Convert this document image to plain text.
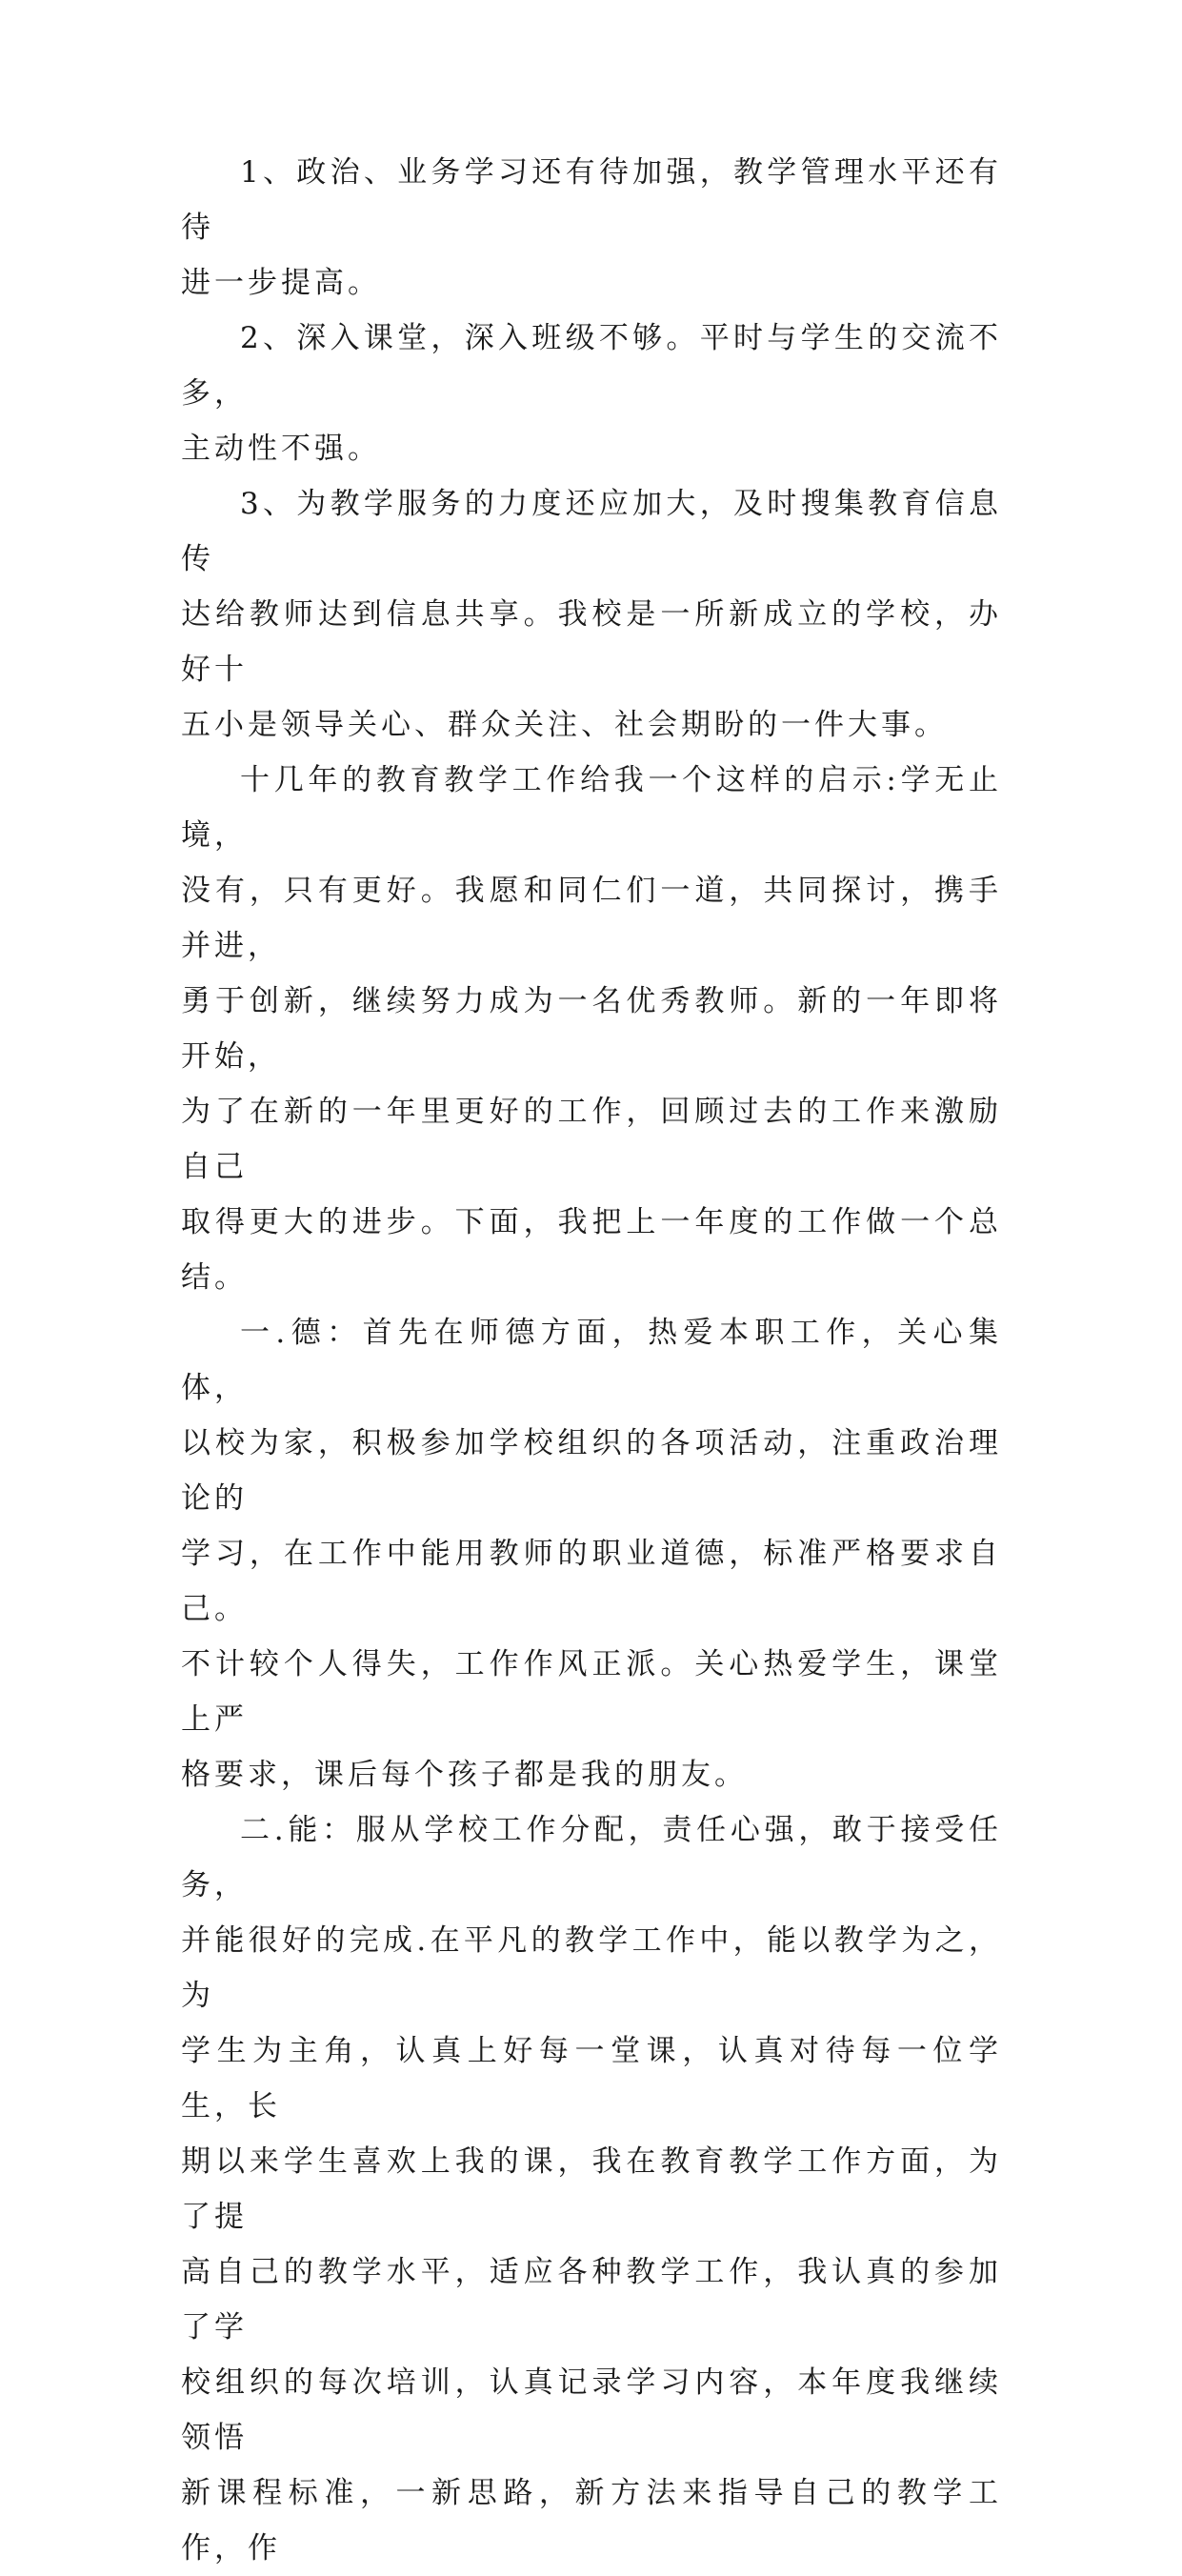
1、政治、业务学习还有待加强，教学管理水平还有待
进一步提高。

2、深入课堂，深入班级不够。平时与学生的交流不多，
主动性不强。

3、为教学服务的力度还应加大，及时搜集教育信息传
达给教师达到信息共享。我校是一所新成立的学校，办好十
五小是领导关心、群众关注、社会期盼的一件大事。

十几年的教育教学工作给我一个这样的启示:学无止境，
没有，只有更好。我愿和同仁们一道，共同探讨，携手并进，
勇于创新，继续努力成为一名优秀教师。新的一年即将开始，
为了在新的一年里更好的工作，回顾过去的工作来激励自己
取得更大的进步。下面，我把上一年度的工作做一个总结。

一.德：首先在师德方面，热爱本职工作，关心集体，
以校为家，积极参加学校组织的各项活动，注重政治理论的
学习，在工作中能用教师的职业道德，标准严格要求自己。
不计较个人得失，工作作风正派。关心热爱学生，课堂上严
格要求，课后每个孩子都是我的朋友。

二.能：服从学校工作分配，责任心强，敢于接受任务，
并能很好的完成.在平凡的教学工作中，能以教学为之，为
学生为主角，认真上好每一堂课，认真对待每一位学生，长
期以来学生喜欢上我的课，我在教育教学工作方面，为了提
高自己的教学水平，适应各种教学工作，我认真的参加了学
校组织的每次培训，认真记录学习内容，本年度我继续领悟
新课程标准，一新思路，新方法来指导自己的教学工作，作
